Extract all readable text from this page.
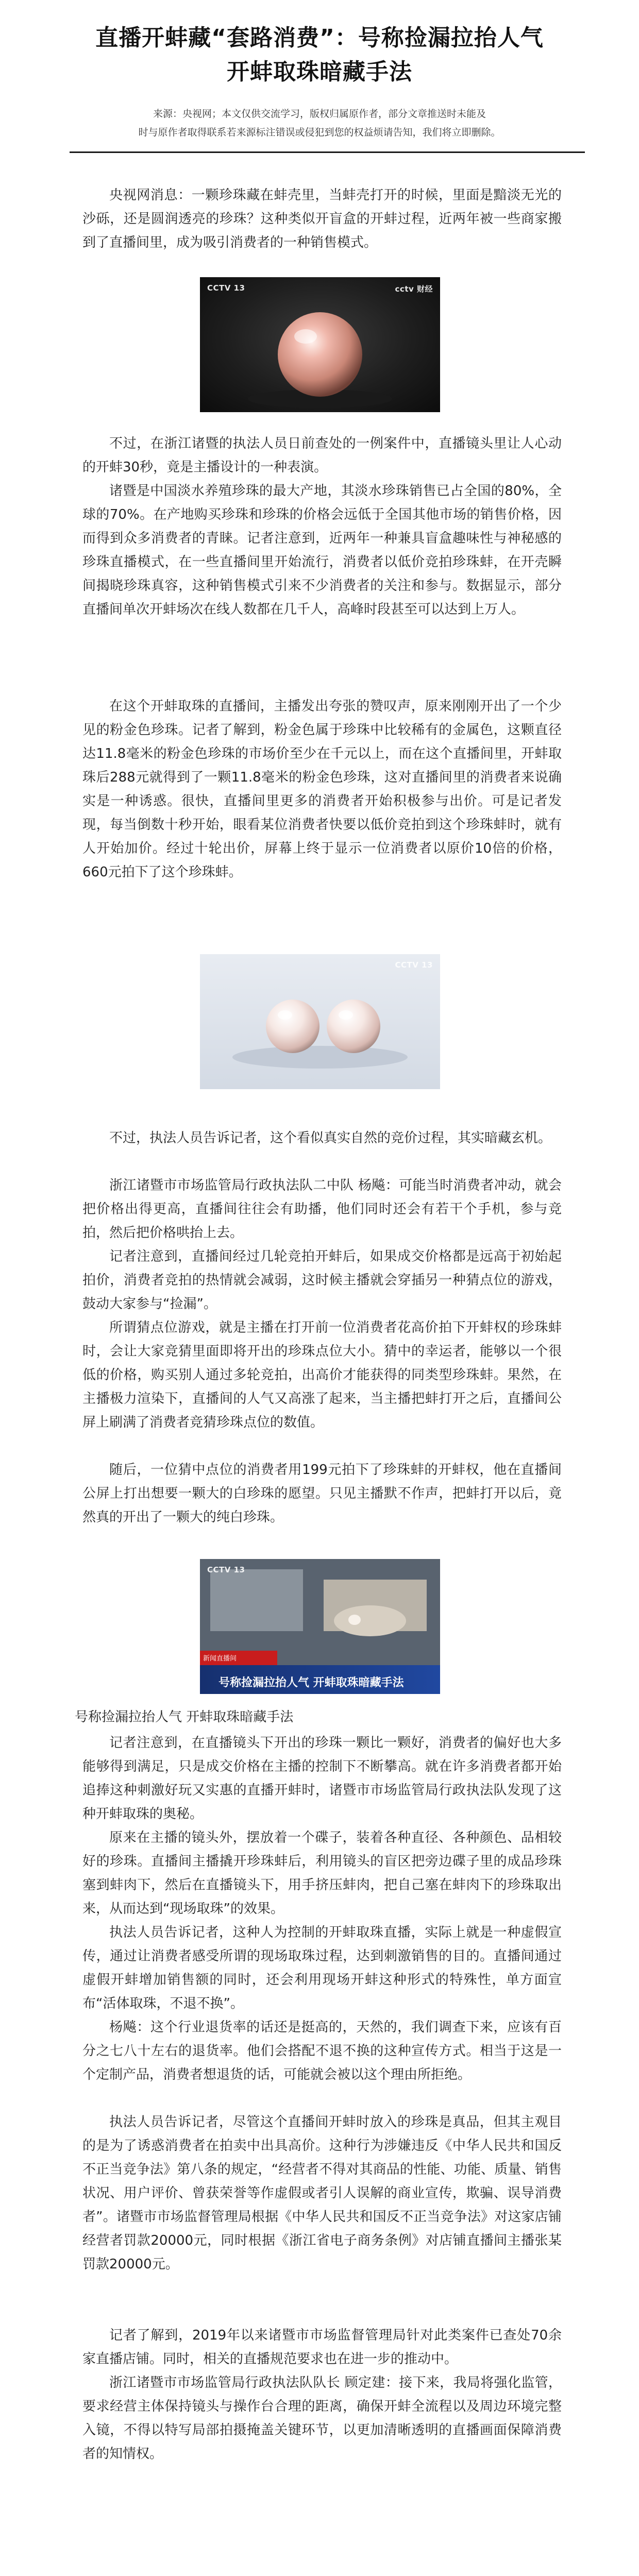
直播开蚌藏“套路消费”：号称捡漏拉抬人气
开蚌取珠暗藏手法

来源：央视网；本文仅供交流学习，版权归属原作者，部分文章推送时未能及

时与原作者取得联系若来源标注错误或侵犯到您的权益烦请告知，我们将立即删除。

央视网消息：一颗珍珠藏在蚌壳里，当蚌壳打开的时候，里面是黯淡无光的沙砾，还是圆润透亮的珍珠？这种类似开盲盒的开蚌过程，近两年被一些商家搬到了直播间里，成为吸引消费者的一种销售模式。

CCTV 13	cctv 财经

不过，在浙江诸暨的执法人员日前查处的一例案件中，直播镜头里让人心动的开蚌30秒，竟是主播设计的一种表演。

诸暨是中国淡水养殖珍珠的最大产地，其淡水珍珠销售已占全国的80%，全球的70%。在产地购买珍珠和珍珠的价格会远低于全国其他市场的销售价格，因而得到众多消费者的青睐。记者注意到，近两年一种兼具盲盒趣味性与神秘感的珍珠直播模式，在一些直播间里开始流行，消费者以低价竞拍珍珠蚌，在开壳瞬间揭晓珍珠真容，这种销售模式引来不少消费者的关注和参与。数据显示，部分直播间单次开蚌场次在线人数都在几千人，高峰时段甚至可以达到上万人。

在这个开蚌取珠的直播间，主播发出夸张的赞叹声，原来刚刚开出了一个少见的粉金色珍珠。记者了解到，粉金色属于珍珠中比较稀有的金属色，这颗直径达11.8毫米的粉金色珍珠的市场价至少在千元以上，而在这个直播间里，开蚌取珠后288元就得到了一颗11.8毫米的粉金色珍珠，这对直播间里的消费者来说确实是一种诱惑。很快，直播间里更多的消费者开始积极参与出价。可是记者发现，每当倒数十秒开始，眼看某位消费者快要以低价竞拍到这个珍珠蚌时，就有人开始加价。经过十轮出价，屏幕上终于显示一位消费者以原价10倍的价格，660元拍下了这个珍珠蚌。

CCTV 13

不过，执法人员告诉记者，这个看似真实自然的竞价过程，其实暗藏玄机。

浙江诸暨市市场监管局行政执法队二中队 杨飚：可能当时消费者冲动，就会把价格出得更高，直播间往往会有助播，他们同时还会有若干个手机，参与竞拍，然后把价格哄抬上去。

记者注意到，直播间经过几轮竞拍开蚌后，如果成交价格都是远高于初始起拍价，消费者竞拍的热情就会减弱，这时候主播就会穿插另一种猜点位的游戏，鼓动大家参与“捡漏”。

所谓猜点位游戏，就是主播在打开前一位消费者花高价拍下开蚌权的珍珠蚌时，会让大家竞猜里面即将开出的珍珠点位大小。猜中的幸运者，能够以一个很低的价格，购买别人通过多轮竞拍，出高价才能获得的同类型珍珠蚌。果然，在主播极力渲染下，直播间的人气又高涨了起来，当主播把蚌打开之后，直播间公屏上刷满了消费者竞猜珍珠点位的数值。

随后，一位猜中点位的消费者用199元拍下了珍珠蚌的开蚌权，他在直播间公屏上打出想要一颗大的白珍珠的愿望。只见主播默不作声，把蚌打开以后，竟然真的开出了一颗大的纯白珍珠。

CCTV 13
新闻直播间
号称捡漏拉抬人气 开蚌取珠暗藏手法

号称捡漏拉抬人气 开蚌取珠暗藏手法

记者注意到，在直播镜头下开出的珍珠一颗比一颗好，消费者的偏好也大多能够得到满足，只是成交价格在主播的控制下不断攀高。就在许多消费者都开始追捧这种刺激好玩又实惠的直播开蚌时，诸暨市市场监管局行政执法队发现了这种开蚌取珠的奥秘。

原来在主播的镜头外，摆放着一个碟子，装着各种直径、各种颜色、品相较好的珍珠。直播间主播撬开珍珠蚌后，利用镜头的盲区把旁边碟子里的成品珍珠塞到蚌肉下，然后在直播镜头下，用手挤压蚌肉，把自己塞在蚌肉下的珍珠取出来，从而达到“现场取珠”的效果。

执法人员告诉记者，这种人为控制的开蚌取珠直播，实际上就是一种虚假宣传，通过让消费者感受所谓的现场取珠过程，达到刺激销售的目的。直播间通过虚假开蚌增加销售额的同时，还会利用现场开蚌这种形式的特殊性，单方面宣布“活体取珠，不退不换”。

杨飚：这个行业退货率的话还是挺高的，天然的，我们调查下来，应该有百分之七八十左右的退货率。他们会搭配不退不换的这种宣传方式。相当于这是一个定制产品，消费者想退货的话，可能就会被以这个理由所拒绝。

执法人员告诉记者，尽管这个直播间开蚌时放入的珍珠是真品，但其主观目的是为了诱惑消费者在拍卖中出具高价。这种行为涉嫌违反《中华人民共和国反不正当竞争法》第八条的规定，“经营者不得对其商品的性能、功能、质量、销售状况、用户评价、曾获荣誉等作虚假或者引人误解的商业宣传，欺骗、误导消费者”。诸暨市市场监督管理局根据《中华人民共和国反不正当竞争法》对这家店铺经营者罚款20000元，同时根据《浙江省电子商务条例》对店铺直播间主播张某罚款20000元。

记者了解到，2019年以来诸暨市市场监督管理局针对此类案件已查处70余家直播店铺。同时，相关的直播规范要求也在进一步的推动中。

浙江诸暨市市场监管局行政执法队队长 顾定建：接下来，我局将强化监管，要求经营主体保持镜头与操作台合理的距离，确保开蚌全流程以及周边环境完整入镜，不得以特写局部拍摄掩盖关键环节，以更加清晰透明的直播画面保障消费者的知情权。
